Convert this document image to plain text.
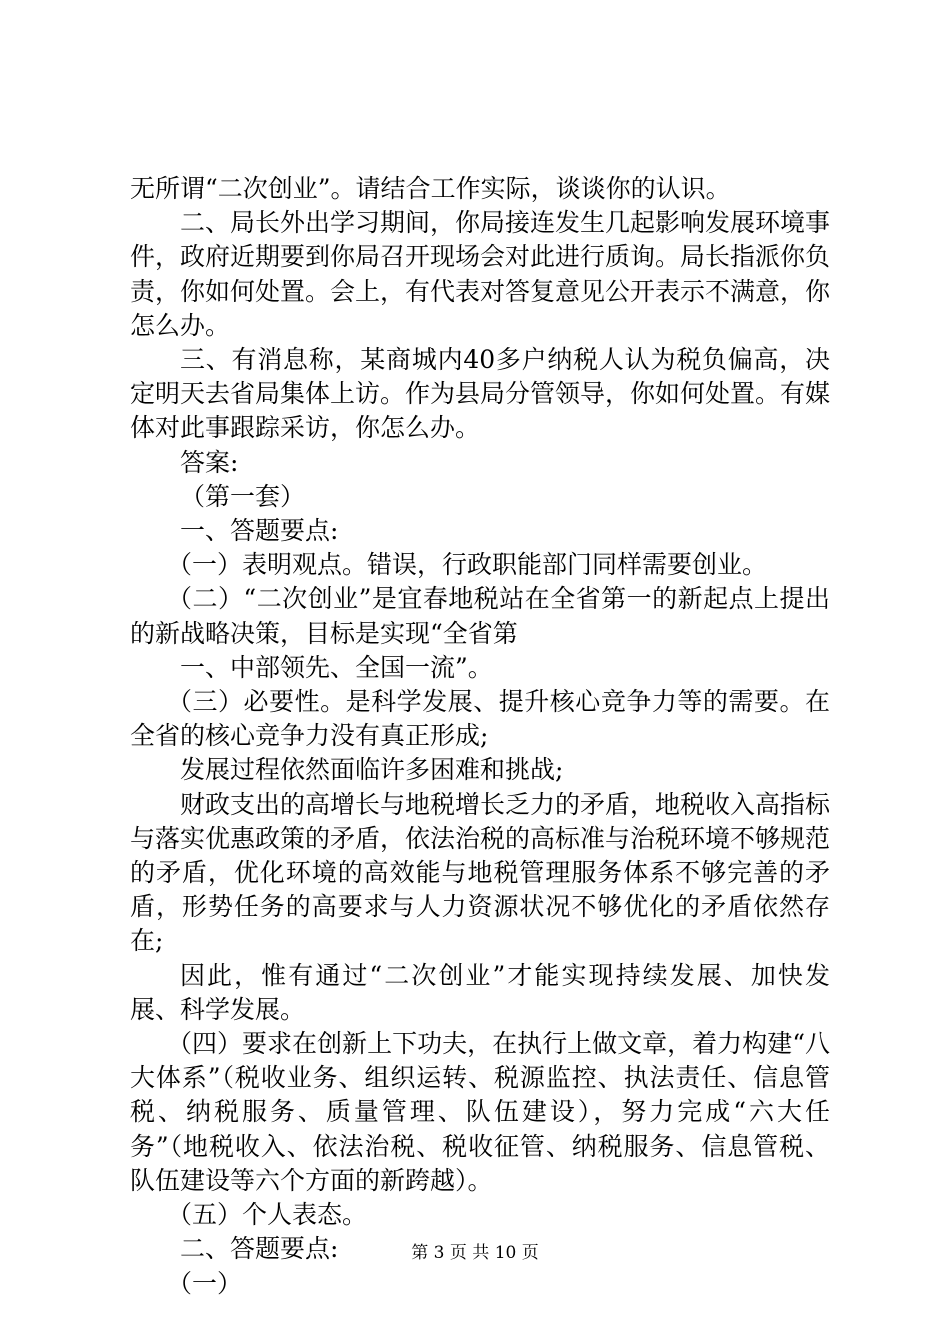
无所谓“二次创业”。请结合工作实际，谈谈你的认识。

二、局长外出学习期间，你局接连发生几起影响发展环境事件，政府近期要到你局召开现场会对此进行质询。局长指派你负责，你如何处置。会上，有代表对答复意见公开表示不满意，你怎么办。

三、有消息称，某商城内40多户纳税人认为税负偏高，决定明天去省局集体上访。作为县局分管领导，你如何处置。有媒体对此事跟踪采访，你怎么办。

答案:

（第一套）

一、答题要点:

（一）表明观点。错误，行政职能部门同样需要创业。

（二）“二次创业”是宜春地税站在全省第一的新起点上提出的新战略决策，目标是实现“全省第

一、中部领先、全国一流”。

（三）必要性。是科学发展、提升核心竞争力等的需要。在全省的核心竞争力没有真正形成;

发展过程依然面临许多困难和挑战;

财政支出的高增长与地税增长乏力的矛盾，地税收入高指标与落实优惠政策的矛盾，依法治税的高标准与治税环境不够规范的矛盾，优化环境的高效能与地税管理服务体系不够完善的矛盾，形势任务的高要求与人力资源状况不够优化的矛盾依然存在;

因此，惟有通过“二次创业”才能实现持续发展、加快发展、科学发展。

（四）要求在创新上下功夫，在执行上做文章，着力构建“八大体系”（税收业务、组织运转、税源监控、执法责任、信息管税、纳税服务、质量管理、队伍建设），努力完成“六大任务”（地税收入、依法治税、税收征管、纳税服务、信息管税、队伍建设等六个方面的新跨越）。

（五）个人表态。

二、答题要点:

（一）

第 3 页 共 10 页
